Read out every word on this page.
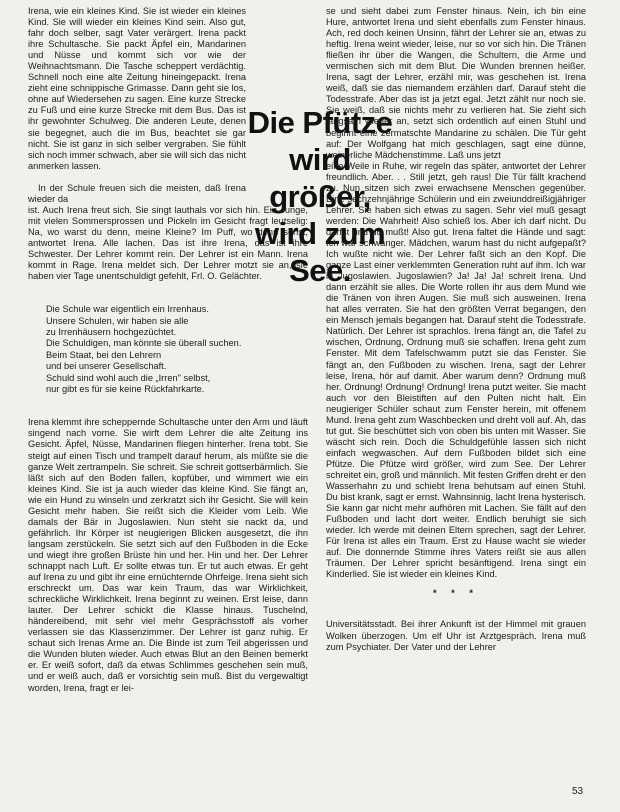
Irena, wie ein kleines Kind. Sie ist wieder ein kleines Kind. Sie will wieder ein kleines Kind sein. Also gut, fahr doch selber, sagt Vater verärgert. Irena packt ihre Schultasche. Sie packt Äpfel ein, Mandarinen und Nüsse und kommt sich vor wie der Weihnachtsmann. Die Tasche scheppert verdächtig. Schnell noch eine alte Zeitung hineingepackt. Irena zieht eine schnippische Grimasse. Dann geht sie los, ohne auf Wiedersehen zu sagen. Eine kurze Strecke zu Fuß und eine kurze Strecke mit dem Bus. Das ist ihr gewohnter Schulweg. Die anderen Leute, denen sie begegnet, auch die im Bus, beachtet sie gar nicht. Sie ist ganz in sich selber vergraben. Sie fühlt sich noch immer schwach, aber sie will sich das nicht anmerken lassen.

In der Schule freuen sich die meisten, daß Irena wieder da

ist. Auch Irena freut sich. Sie singt lauthals vor sich hin. Ein Junge, mit vielen Sommersprossen und Pickeln im Gesicht fragt leutselig: Na, wo warst du denn, meine Kleine? Im Puff, wo denn sonst, antwortet Irena. Alle lachen. Das ist ihre Irena, das ist ihre Schwester. Der Lehrer kommt rein. Der Lehrer ist ein Mann. Irena kommt in Rage. Irena meldet sich. Der Lehrer motzt sie an, sie haben vier Tage unentschuldigt gefehlt, Frl. O. Gelächter.

Die Schule war eigentlich ein Irrenhaus.
Unsere Schulen, wir haben sie alle
zu Irrenhäusern hochgezüchtet.
Die Schuldigen, man könnte sie überall suchen.
Beim Staat, bei den Lehrern
und bei unserer Gesellschaft.
Schuld sind wohl auch die „Irren" selbst,
nur gibt es für sie keine Rückfahrkarte.

Irena klemmt ihre scheppernde Schultasche unter den Arm und läuft singend nach vorne. Sie wirft dem Lehrer die alte Zeitung ins Gesicht. Äpfel, Nüsse, Mandarinen fliegen hinterher. Irena tobt. Sie steigt auf einen Tisch und trampelt darauf herum, als müßte sie die ganze Welt zertrampeln. Sie schreit. Sie schreit gottserbärmlich. Sie läßt sich auf den Boden fallen, kopfüber, und wimmert wie ein kleines Kind. Sie ist ja auch wieder das kleine Kind. Sie fängt an, wie ein Hund zu winseln und zerkratzt sich ihr Gesicht. Sie will kein Gesicht mehr haben. Sie reißt sich die Kleider vom Leib. Wie damals der Bär in Jugoslawien. Nun steht sie nackt da, und gefährlich. Ihr Körper ist neugierigen Blicken ausgesetzt, die ihn langsam zerstückeln. Sie setzt sich auf den Fußboden in die Ecke und wiegt ihre großen Brüste hin und her. Hin und her. Der Lehrer schnappt nach Luft. Er sollte etwas tun. Er tut auch etwas. Er geht auf Irena zu und gibt ihr eine ernüchternde Ohrfeige. Irena sieht sich erschreckt um. Das war kein Traum, das war Wirklichkeit, schreckliche Wirklichkeit. Irena beginnt zu weinen. Erst leise, dann lauter. Der Lehrer schickt die Klasse hinaus. Tuschelnd, händereibend, mit sehr viel mehr Gesprächsstoff als vorher verlassen sie das Klassenzimmer. Der Lehrer ist ganz ruhig. Er schaut sich Irenas Arme an. Die Binde ist zum Teil abgerissen und die Wunden bluten wieder. Auch etwas Blut an den Beinen bemerkt er. Er weiß sofort, daß da etwas Schlimmes geschehen sein muß, und er weiß auch, daß er vorsichtig sein muß. Bist du vergewaltigt worden, Irena, fragt er lei-

Die Pfütze
wird größer,
wird zum
See.

se und sieht dabei zum Fenster hinaus. Nein, ich bin eine Hure, antwortet Irena und sieht ebenfalls zum Fenster hinaus. Ach, red doch keinen Unsinn, fährt der Lehrer sie an, etwas zu heftig. Irena weint wieder, leise, nur so vor sich hin. Die Tränen fließen ihr über die Wangen, die Schultern, die Arme und vermischen sich mit dem Blut. Die Wunden brennen heißer. Irena, sagt der Lehrer, erzähl mir, was geschehen ist. Irena weiß, daß sie das niemandem erzählen darf. Darauf steht die Todesstrafe. Aber das ist ja jetzt egal. Jetzt zählt nur noch sie. Sie weiß, daß sie nichts mehr zu verlieren hat. Sie zieht sich langsam wieder an, setzt sich ordentlich auf einen Stuhl und beginnt eine zermatschte Mandarine zu schälen. Die Tür geht auf: Der Wolfgang hat mich geschlagen, sagt eine dünne, weinerliche Mädchenstimme. Laß uns jetzt

eine Weile in Ruhe, wir regeln das später, antwortet der Lehrer freundlich. Aber. . . Still jetzt, geh raus! Die Tür fällt krachend zu. Nun sitzen sich zwei erwachsene Menschen gegenüber. Eine sechzehnjährige Schülerin und ein zweiunddreißigjähriger Lehrer. Sie haben sich etwas zu sagen. Sehr viel muß gesagt werden: Die Wahrheit! Also schieß los. Aber ich darf nicht. Du darfst und du mußt! Also gut. Irena faltet die Hände und sagt: Ich war schwanger. Mädchen, warum hast du nicht aufgepaßt? Ich wußte nicht wie. Der Lehrer faßt sich an den Kopf. Die ganze Last einer verklemmten Generation ruht auf ihm. Ich war in Jugoslawien. Jugoslawien? Ja! Ja! Ja! schreit Irena. Und dann erzählt sie alles. Die Worte rollen ihr aus dem Mund wie die Tränen von ihren Augen. Sie muß sich ausweinen. Irena hat alles verraten. Sie hat den größten Verrat begangen, den ein Mensch jemals begangen hat. Darauf steht die Todesstrafe. Natürlich. Der Lehrer ist sprachlos. Irena fängt an, die Tafel zu wischen, Ordnung, Ordnung muß sie schaffen. Irena geht zum Fenster. Mit dem Tafelschwamm putzt sie das Fenster. Sie fängt an, den Fußboden zu wischen. Irena, sagt der Lehrer leise, Irena, hör auf damit. Aber warum denn? Ordnung muß her. Ordnung! Ordnung! Ordnung! Irena putzt weiter. Sie macht auch vor den Bleistiften auf den Pulten nicht halt. Ein neugieriger Schüler schaut zum Fenster herein, mit offenem Mund. Irena geht zum Waschbecken und dreht voll auf. Ah, das tut gut. Sie beschüttet sich von oben bis unten mit Wasser. Sie wäscht sich rein. Doch die Schuldgefühle lassen sich nicht einfach wegwaschen. Auf dem Fußboden bildet sich eine Pfütze. Die Pfütze wird größer, wird zum See. Der Lehrer schreitet ein, groß und männlich. Mit festen Griffen dreht er den Wasserhahn zu und schiebt Irena behutsam auf einen Stuhl. Du bist krank, sagt er ernst. Wahnsinnig, lacht Irena hysterisch. Sie kann gar nicht mehr aufhören mit Lachen. Sie fällt auf den Fußboden und lacht dort weiter. Endlich beruhigt sie sich wieder. Ich werde mit deinen Eltern sprechen, sagt der Lehrer. Für Irena ist alles ein Traum. Erst zu Hause wacht sie wieder auf. Die donnernde Stimme ihres Vaters reißt sie aus allen Träumen. Der Lehrer spricht besänftigend. Irena singt ein Kinderlied. Sie ist wieder ein kleines Kind.

* * *

Universitätsstadt. Bei ihrer Ankunft ist der Himmel mit grauen Wolken überzogen. Um elf Uhr ist Arztgespräch. Irena muß zum Psychiater. Der Vater und der Lehrer

53
